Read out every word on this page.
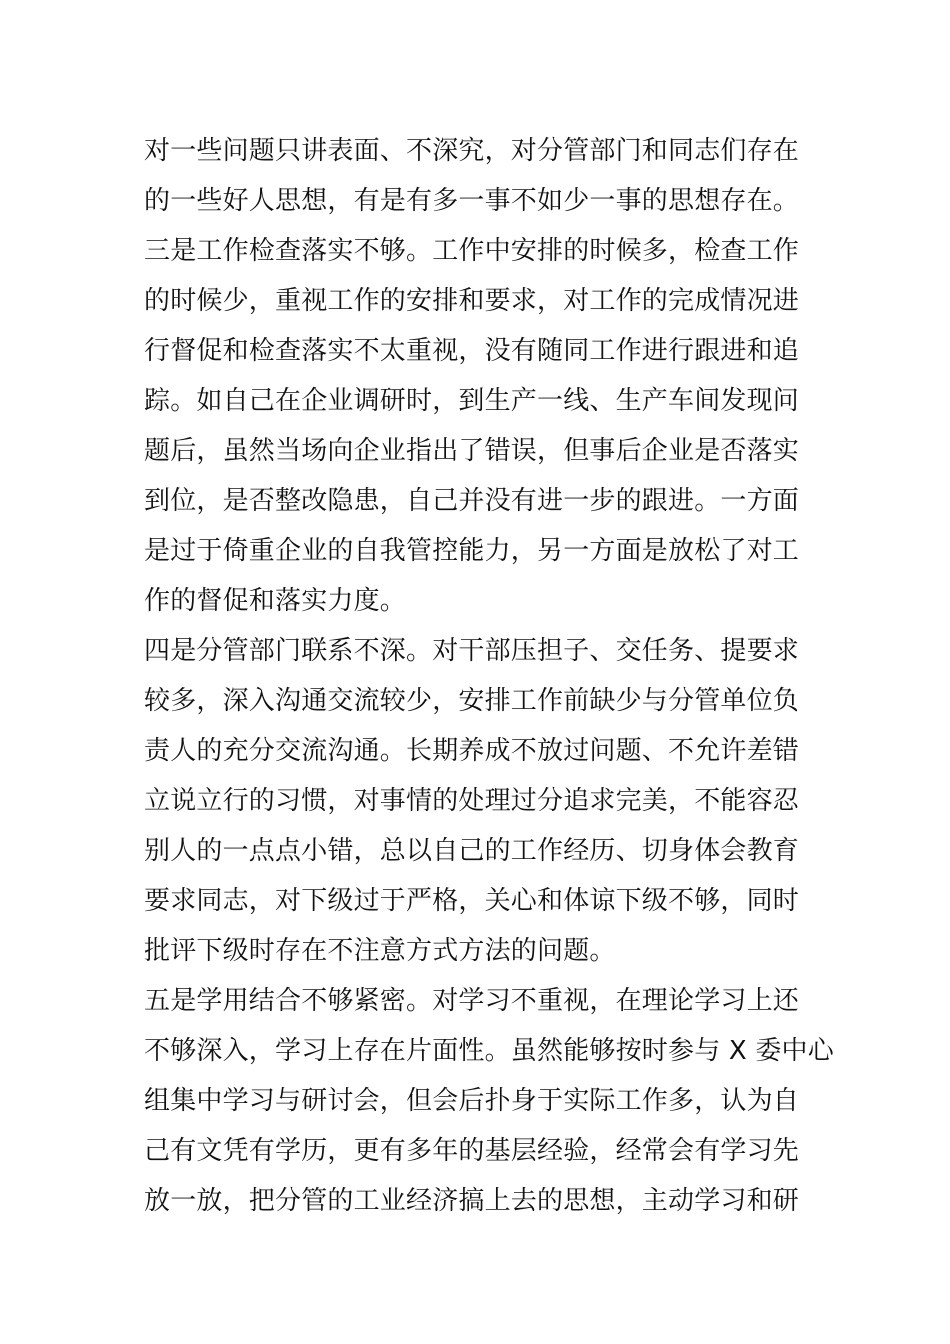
对一些问题只讲表面、不深究，对分管部门和同志们存在
的一些好人思想，有是有多一事不如少一事的思想存在。
三是工作检查落实不够。工作中安排的时候多，检查工作
的时候少，重视工作的安排和要求，对工作的完成情况进
行督促和检查落实不太重视，没有随同工作进行跟进和追
踪。如自己在企业调研时，到生产一线、生产车间发现问
题后，虽然当场向企业指出了错误，但事后企业是否落实
到位，是否整改隐患，自己并没有进一步的跟进。一方面
是过于倚重企业的自我管控能力，另一方面是放松了对工
作的督促和落实力度。
四是分管部门联系不深。对干部压担子、交任务、提要求
较多，深入沟通交流较少，安排工作前缺少与分管单位负
责人的充分交流沟通。长期养成不放过问题、不允许差错
立说立行的习惯，对事情的处理过分追求完美，不能容忍
别人的一点点小错，总以自己的工作经历、切身体会教育
要求同志，对下级过于严格，关心和体谅下级不够，同时
批评下级时存在不注意方式方法的问题。
五是学用结合不够紧密。对学习不重视，在理论学习上还
不够深入，学习上存在片面性。虽然能够按时参与 X 委中心
组集中学习与研讨会，但会后扑身于实际工作多，认为自
己有文凭有学历，更有多年的基层经验，经常会有学习先
放一放，把分管的工业经济搞上去的思想，主动学习和研
